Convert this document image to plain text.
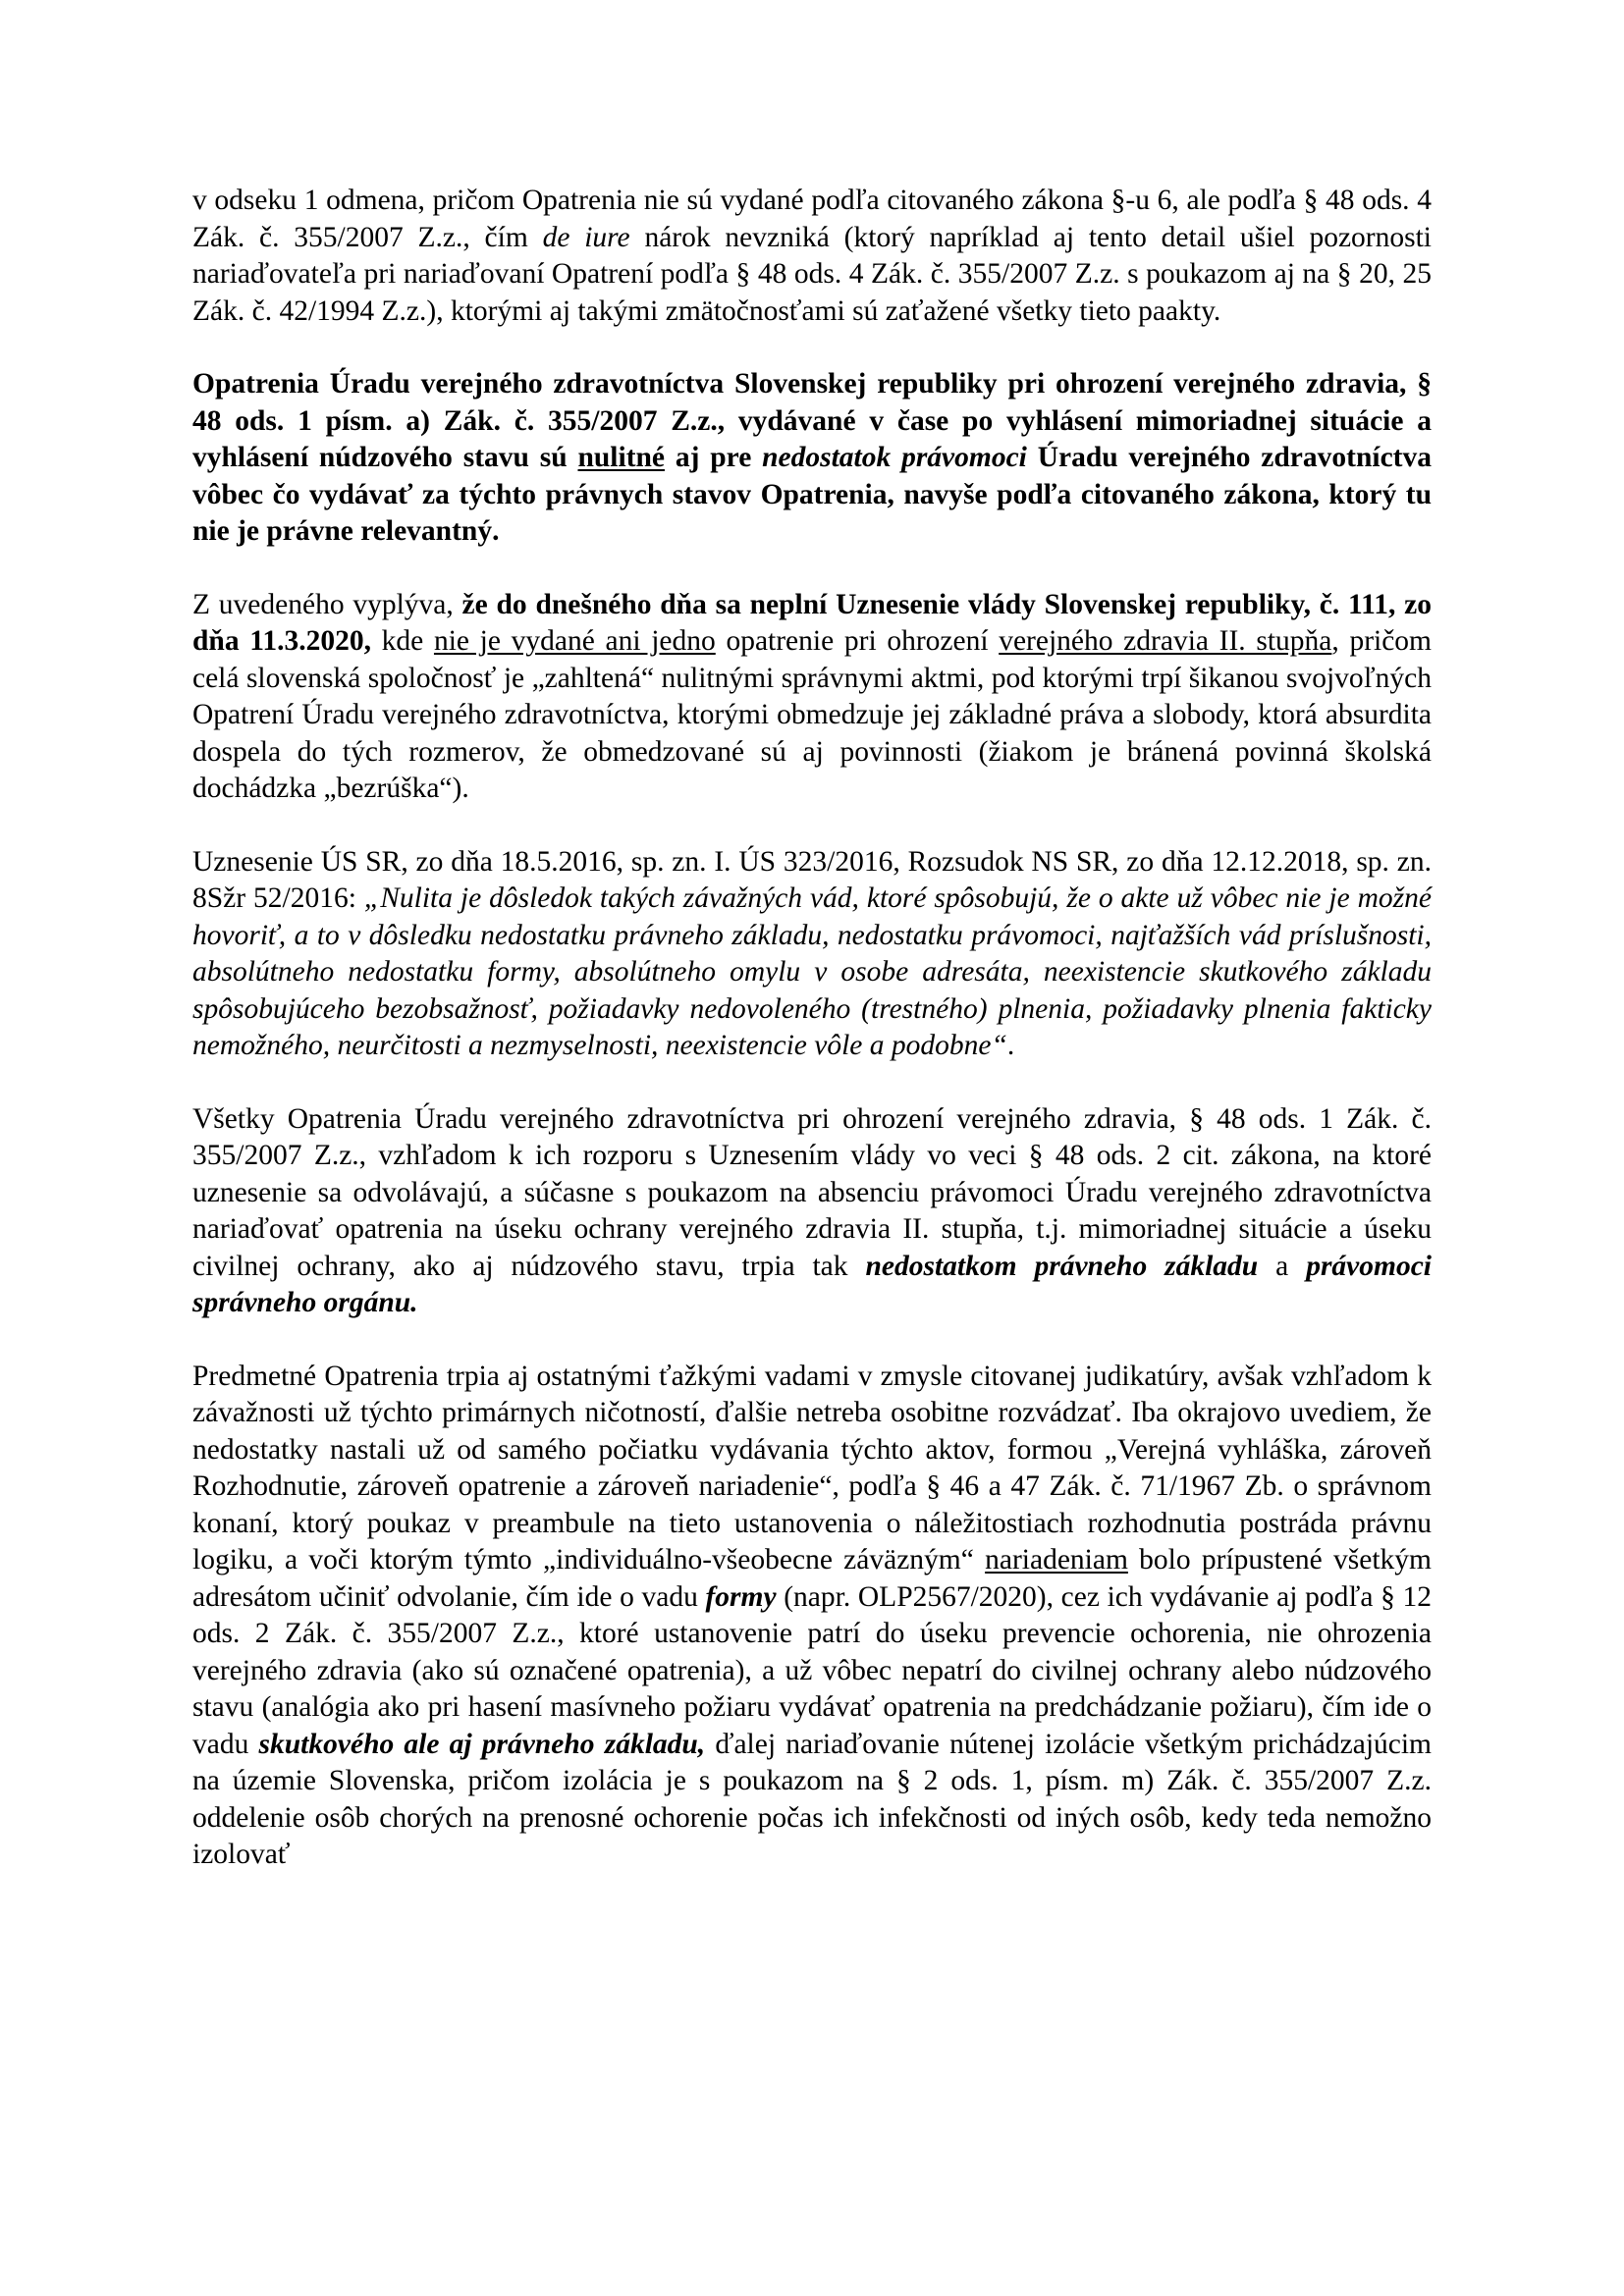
v odseku 1 odmena, pričom Opatrenia nie sú vydané podľa citovaného zákona §-u 6, ale podľa § 48 ods. 4 Zák. č. 355/2007 Z.z., čím de iure nárok nevzniká (ktorý napríklad aj tento detail ušiel pozornosti nariaďovateľa pri nariaďovaní Opatrení podľa § 48 ods. 4 Zák. č. 355/2007 Z.z. s poukazom aj na § 20, 25 Zák. č. 42/1994 Z.z.), ktorými aj takými zmätočnosťami sú zaťažené všetky tieto paakty.

Opatrenia Úradu verejného zdravotníctva Slovenskej republiky pri ohrození verejného zdravia, § 48 ods. 1 písm. a) Zák. č. 355/2007 Z.z., vydávané v čase po vyhlásení mimoriadnej situácie a vyhlásení núdzového stavu sú nulitné aj pre nedostatok právomoci Úradu verejného zdravotníctva vôbec čo vydávať za týchto právnych stavov Opatrenia, navyše podľa citovaného zákona, ktorý tu nie je právne relevantný.

Z uvedeného vyplýva, že do dnešného dňa sa neplní Uznesenie vlády Slovenskej republiky, č. 111, zo dňa 11.3.2020, kde nie je vydané ani jedno opatrenie pri ohrození verejného zdravia II. stupňa, pričom celá slovenská spoločnosť je „zahltená“ nulitnými správnymi aktmi, pod ktorými trpí šikanou svojvoľných Opatrení Úradu verejného zdravotníctva, ktorými obmedzuje jej základné práva a slobody, ktorá absurdita dospela do tých rozmerov, že obmedzované sú aj povinnosti (žiakom je bránená povinná školská dochádzka „bezrúška“).

Uznesenie ÚS SR, zo dňa 18.5.2016, sp. zn. I. ÚS 323/2016, Rozsudok NS SR, zo dňa 12.12.2018, sp. zn. 8Sžr 52/2016: „Nulita je dôsledok takých závažných vád, ktoré spôsobujú, že o akte už vôbec nie je možné hovoriť, a to v dôsledku nedostatku právneho základu, nedostatku právomoci, najťažších vád príslušnosti, absolútneho nedostatku formy, absolútneho omylu v osobe adresáta, neexistencie skutkového základu spôsobujúceho bezobsažnosť, požiadavky nedovoleného (trestného) plnenia, požiadavky plnenia fakticky nemožného, neurčitosti a nezmyselnosti, neexistencie vôle a podobne“.

Všetky Opatrenia Úradu verejného zdravotníctva pri ohrození verejného zdravia, § 48 ods. 1 Zák. č. 355/2007 Z.z., vzhľadom k ich rozporu s Uznesením vlády vo veci § 48 ods. 2 cit. zákona, na ktoré uznesenie sa odvolávajú, a súčasne s poukazom na absenciu právomoci Úradu verejného zdravotníctva nariaďovať opatrenia na úseku ochrany verejného zdravia II. stupňa, t.j. mimoriadnej situácie a úseku civilnej ochrany, ako aj núdzového stavu, trpia tak nedostatkom právneho základu a právomoci správneho orgánu.

Predmetné Opatrenia trpia aj ostatnými ťažkými vadami v zmysle citovanej judikatúry, avšak vzhľadom k závažnosti už týchto primárnych ničotností, ďalšie netreba osobitne rozvádzať. Iba okrajovo uvediem, že nedostatky nastali už od samého počiatku vydávania týchto aktov, formou „Verejná vyhláška, zároveň Rozhodnutie, zároveň opatrenie a zároveň nariadenie“, podľa § 46 a 47 Zák. č. 71/1967 Zb. o správnom konaní, ktorý poukaz v preambule na tieto ustanovenia o náležitostiach rozhodnutia postráda právnu logiku, a voči ktorým týmto „individuálno-všeobecne záväzným“ nariadeniam bolo prípustené všetkým adresátom učiniť odvolanie, čím ide o vadu formy (napr. OLP2567/2020), cez ich vydávanie aj podľa § 12 ods. 2 Zák. č. 355/2007 Z.z., ktoré ustanovenie patrí do úseku prevencie ochorenia, nie ohrozenia verejného zdravia (ako sú označené opatrenia), a už vôbec nepatrí do civilnej ochrany alebo núdzového stavu (analógia ako pri hasení masívneho požiaru vydávať opatrenia na predchádzanie požiaru), čím ide o vadu skutkového ale aj právneho základu, ďalej nariaďovanie nútenej izolácie všetkým prichádzajúcim na územie Slovenska, pričom izolácia je s poukazom na § 2 ods. 1, písm. m) Zák. č. 355/2007 Z.z. oddelenie osôb chorých na prenosné ochorenie počas ich infekčnosti od iných osôb, kedy teda nemožno izolovať
